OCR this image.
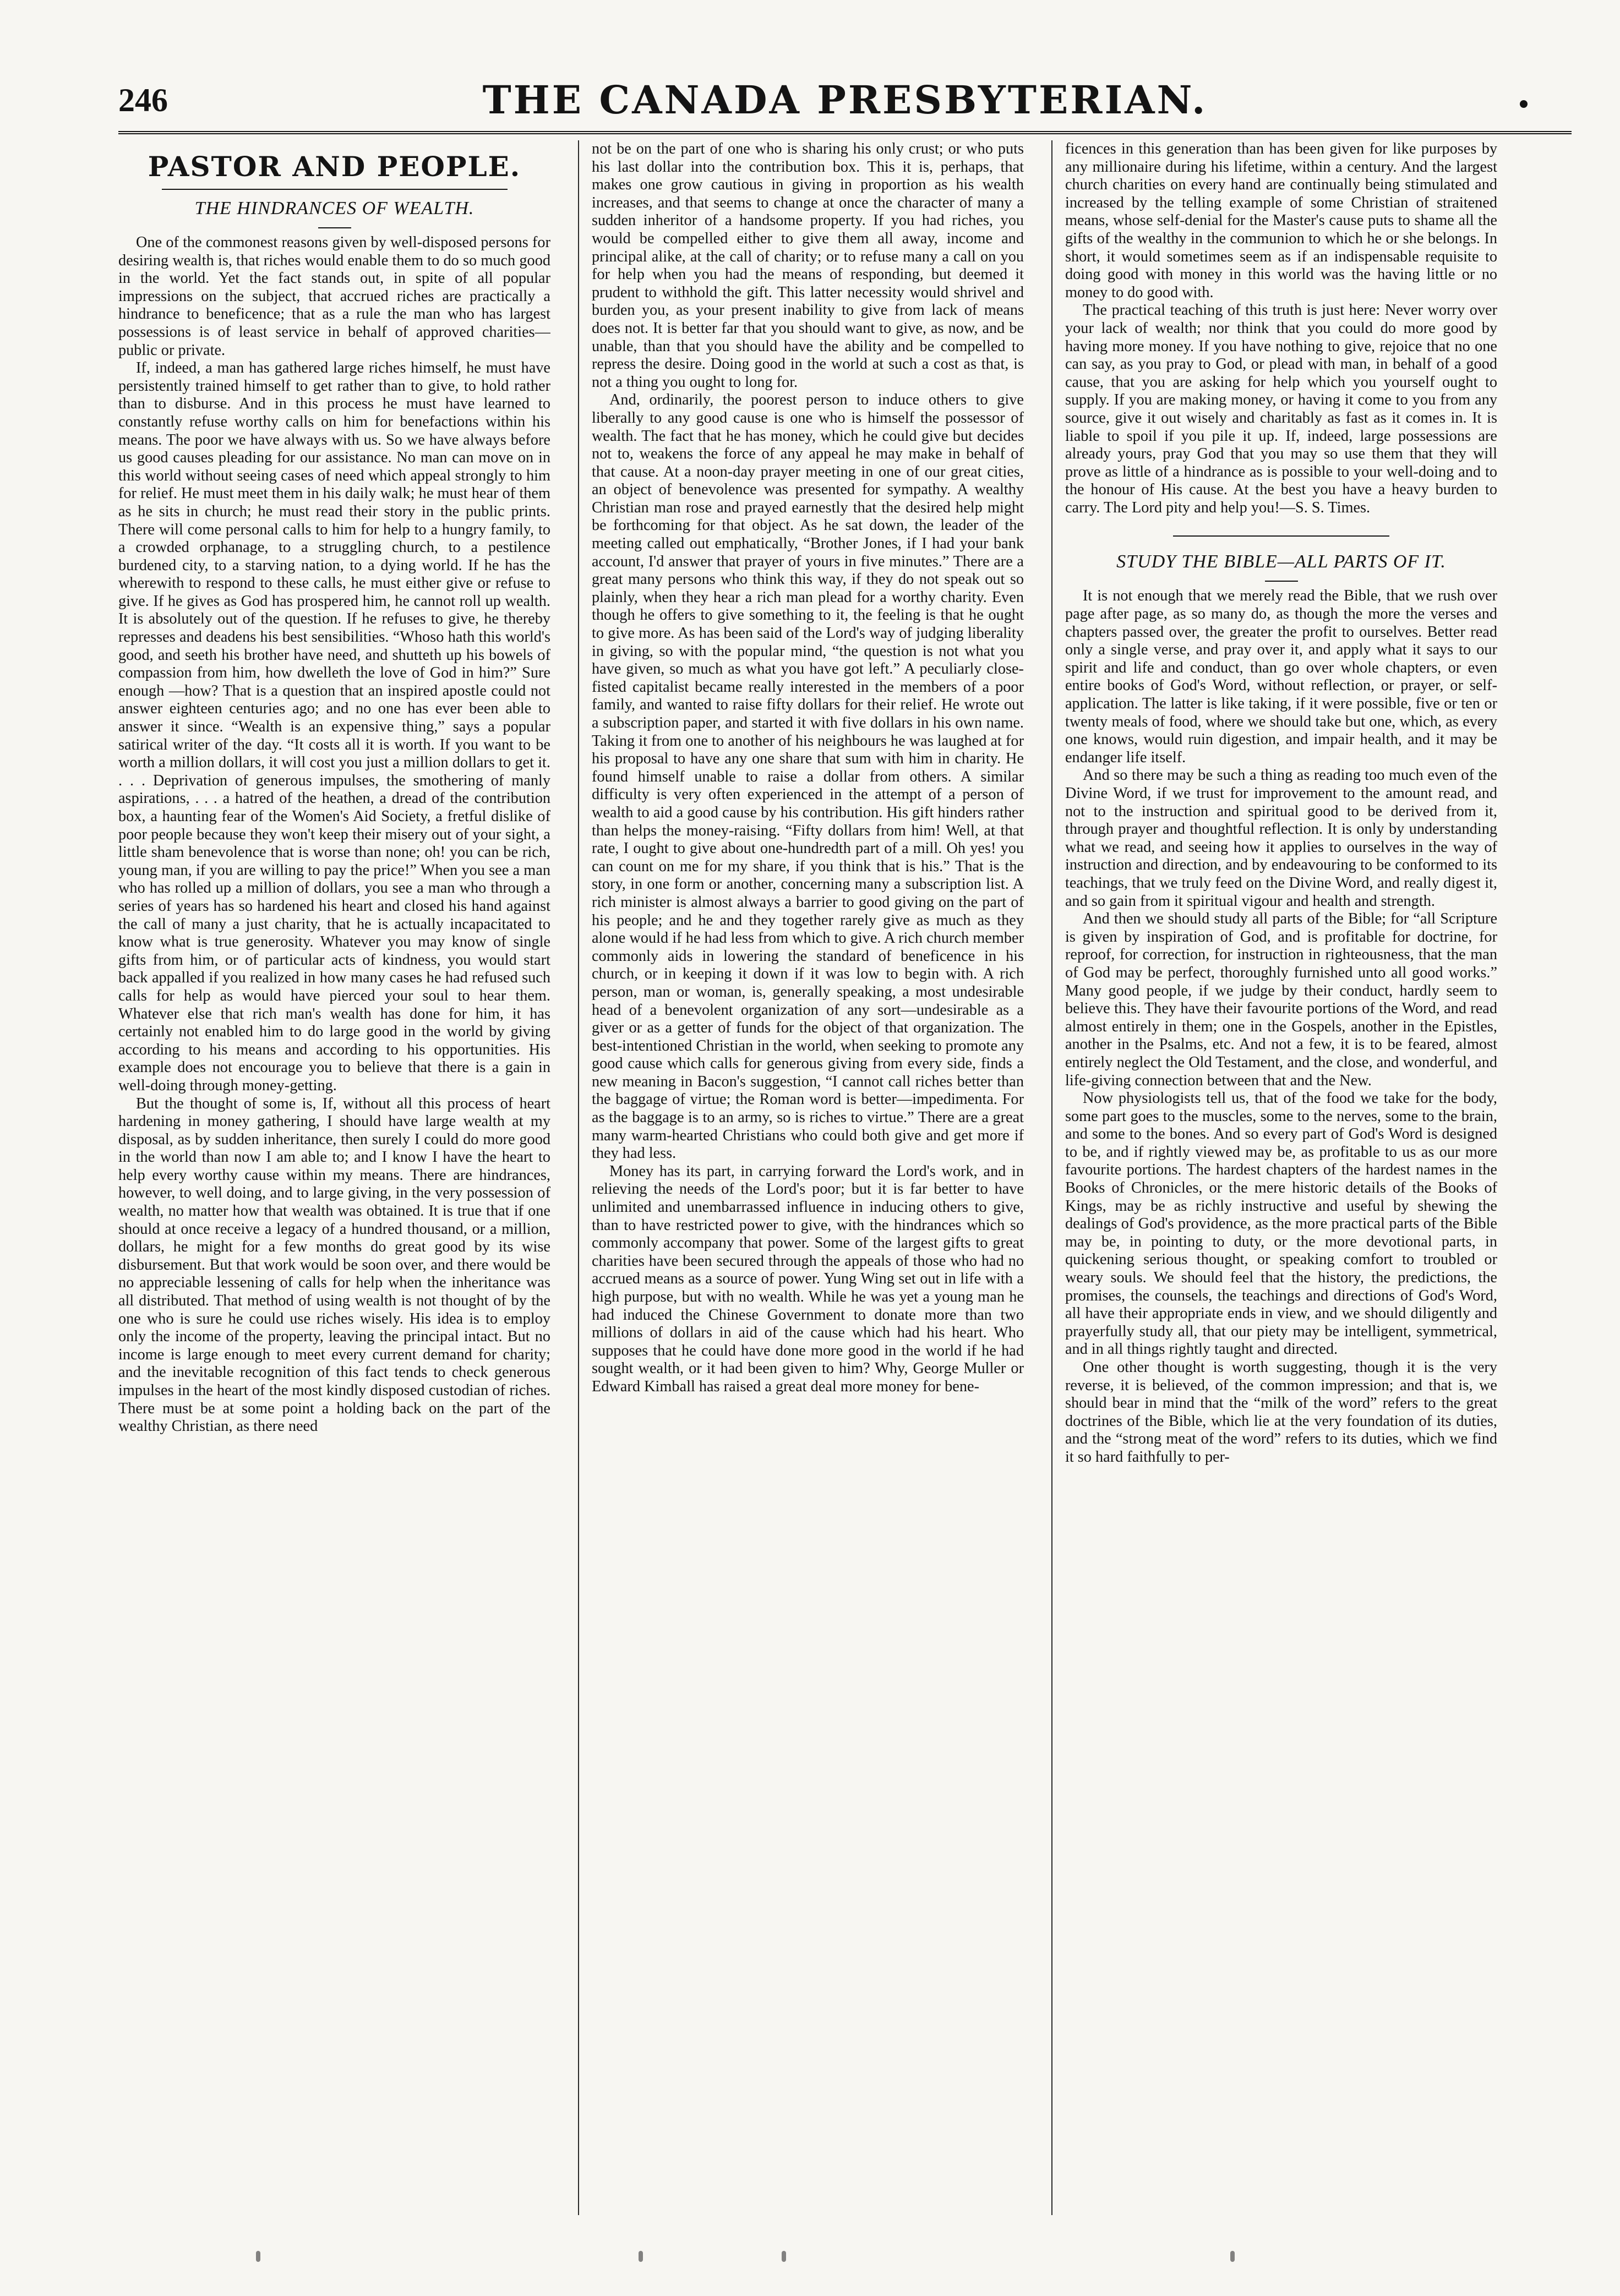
246	THE CANADA PRESBYTERIAN.
PASTOR AND PEOPLE.
THE HINDRANCES OF WEALTH.

One of the commonest reasons given by well-disposed persons for desiring wealth is, that riches would enable them to do so much good in the world. Yet the fact stands out, in spite of all popular impressions on the subject, that accrued riches are practically a hindrance to beneficence; that as a rule the man who has largest possessions is of least service in behalf of approved charities—public or private.

If, indeed, a man has gathered large riches himself, he must have persistently trained himself to get rather than to give, to hold rather than to disburse. And in this process he must have learned to constantly refuse worthy calls on him for benefactions within his means. The poor we have always with us. So we have always before us good causes pleading for our assistance. No man can move on in this world without seeing cases of need which appeal strongly to him for relief. He must meet them in his daily walk; he must hear of them as he sits in church; he must read their story in the public prints. There will come personal calls to him for help to a hungry family, to a crowded orphanage, to a struggling church, to a pestilence burdened city, to a starving nation, to a dying world. If he has the wherewith to respond to these calls, he must either give or refuse to give. If he gives as God has prospered him, he cannot roll up wealth. It is absolutely out of the question. If he refuses to give, he thereby represses and deadens his best sensibilities. “Whoso hath this world's good, and seeth his brother have need, and shutteth up his bowels of compassion from him, how dwelleth the love of God in him?” Sure enough —how? That is a question that an inspired apostle could not answer eighteen centuries ago; and no one has ever been able to answer it since. “Wealth is an expensive thing,” says a popular satirical writer of the day. “It costs all it is worth. If you want to be worth a million dollars, it will cost you just a million dollars to get it. . . . Deprivation of generous impulses, the smothering of manly aspirations, . . . a hatred of the heathen, a dread of the contribution box, a haunting fear of the Women's Aid Society, a fretful dislike of poor people because they won't keep their misery out of your sight, a little sham benevolence that is worse than none; oh! you can be rich, young man, if you are willing to pay the price!” When you see a man who has rolled up a million of dollars, you see a man who through a series of years has so hardened his heart and closed his hand against the call of many a just charity, that he is actually incapacitated to know what is true generosity. Whatever you may know of single gifts from him, or of particular acts of kindness, you would start back appalled if you realized in how many cases he had refused such calls for help as would have pierced your soul to hear them. Whatever else that rich man's wealth has done for him, it has certainly not enabled him to do large good in the world by giving according to his means and according to his opportunities. His example does not encourage you to believe that there is a gain in well-doing through money-getting.

But the thought of some is, If, without all this process of heart hardening in money gathering, I should have large wealth at my disposal, as by sudden inheritance, then surely I could do more good in the world than now I am able to; and I know I have the heart to help every worthy cause within my means. There are hindrances, however, to well doing, and to large giving, in the very possession of wealth, no matter how that wealth was obtained. It is true that if one should at once receive a legacy of a hundred thousand, or a million, dollars, he might for a few months do great good by its wise disbursement. But that work would be soon over, and there would be no appreciable lessening of calls for help when the inheritance was all distributed. That method of using wealth is not thought of by the one who is sure he could use riches wisely. His idea is to employ only the income of the property, leaving the principal intact. But no income is large enough to meet every current demand for charity; and the inevitable recognition of this fact tends to check generous impulses in the heart of the most kindly disposed custodian of riches. There must be at some point a holding back on the part of the wealthy Christian, as there need

not be on the part of one who is sharing his only crust; or who puts his last dollar into the contribution box. This it is, perhaps, that makes one grow cautious in giving in proportion as his wealth increases, and that seems to change at once the character of many a sudden inheritor of a handsome property. If you had riches, you would be compelled either to give them all away, income and principal alike, at the call of charity; or to refuse many a call on you for help when you had the means of responding, but deemed it prudent to withhold the gift. This latter necessity would shrivel and burden you, as your present inability to give from lack of means does not. It is better far that you should want to give, as now, and be unable, than that you should have the ability and be compelled to repress the desire. Doing good in the world at such a cost as that, is not a thing you ought to long for.

And, ordinarily, the poorest person to induce others to give liberally to any good cause is one who is himself the possessor of wealth. The fact that he has money, which he could give but decides not to, weakens the force of any appeal he may make in behalf of that cause. At a noon-day prayer meeting in one of our great cities, an object of benevolence was presented for sympathy. A wealthy Christian man rose and prayed earnestly that the desired help might be forthcoming for that object. As he sat down, the leader of the meeting called out emphatically, “Brother Jones, if I had your bank account, I'd answer that prayer of yours in five minutes.” There are a great many persons who think this way, if they do not speak out so plainly, when they hear a rich man plead for a worthy charity. Even though he offers to give something to it, the feeling is that he ought to give more. As has been said of the Lord's way of judging liberality in giving, so with the popular mind, “the question is not what you have given, so much as what you have got left.” A peculiarly close-fisted capitalist became really interested in the members of a poor family, and wanted to raise fifty dollars for their relief. He wrote out a subscription paper, and started it with five dollars in his own name. Taking it from one to another of his neighbours he was laughed at for his proposal to have any one share that sum with him in charity. He found himself unable to raise a dollar from others. A similar difficulty is very often experienced in the attempt of a person of wealth to aid a good cause by his contribution. His gift hinders rather than helps the money-raising. “Fifty dollars from him! Well, at that rate, I ought to give about one-hundredth part of a mill. Oh yes! you can count on me for my share, if you think that is his.” That is the story, in one form or another, concerning many a subscription list. A rich minister is almost always a barrier to good giving on the part of his people; and he and they together rarely give as much as they alone would if he had less from which to give. A rich church member commonly aids in lowering the standard of beneficence in his church, or in keeping it down if it was low to begin with. A rich person, man or woman, is, generally speaking, a most undesirable head of a benevolent organization of any sort—undesirable as a giver or as a getter of funds for the object of that organization. The best-intentioned Christian in the world, when seeking to promote any good cause which calls for generous giving from every side, finds a new meaning in Bacon's suggestion, “I cannot call riches better than the baggage of virtue; the Roman word is better—impedimenta. For as the baggage is to an army, so is riches to virtue.” There are a great many warm-hearted Christians who could both give and get more if they had less.

Money has its part, in carrying forward the Lord's work, and in relieving the needs of the Lord's poor; but it is far better to have unlimited and unembarrassed influence in inducing others to give, than to have restricted power to give, with the hindrances which so commonly accompany that power. Some of the largest gifts to great charities have been secured through the appeals of those who had no accrued means as a source of power. Yung Wing set out in life with a high purpose, but with no wealth. While he was yet a young man he had induced the Chinese Government to donate more than two millions of dollars in aid of the cause which had his heart. Who supposes that he could have done more good in the world if he had sought wealth, or it had been given to him? Why, George Muller or Edward Kimball has raised a great deal more money for bene-

ficences in this generation than has been given for like purposes by any millionaire during his lifetime, within a century. And the largest church charities on every hand are continually being stimulated and increased by the telling example of some Christian of straitened means, whose self-denial for the Master's cause puts to shame all the gifts of the wealthy in the communion to which he or she belongs. In short, it would sometimes seem as if an indispensable requisite to doing good with money in this world was the having little or no money to do good with.

The practical teaching of this truth is just here: Never worry over your lack of wealth; nor think that you could do more good by having more money. If you have nothing to give, rejoice that no one can say, as you pray to God, or plead with man, in behalf of a good cause, that you are asking for help which you yourself ought to supply. If you are making money, or having it come to you from any source, give it out wisely and charitably as fast as it comes in. It is liable to spoil if you pile it up. If, indeed, large possessions are already yours, pray God that you may so use them that they will prove as little of a hindrance as is possible to your well-doing and to the honour of His cause. At the best you have a heavy burden to carry. The Lord pity and help you!—S. S. Times.

STUDY THE BIBLE—ALL PARTS OF IT.

It is not enough that we merely read the Bible, that we rush over page after page, as so many do, as though the more the verses and chapters passed over, the greater the profit to ourselves. Better read only a single verse, and pray over it, and apply what it says to our spirit and life and conduct, than go over whole chapters, or even entire books of God's Word, without reflection, or prayer, or self-application. The latter is like taking, if it were possible, five or ten or twenty meals of food, where we should take but one, which, as every one knows, would ruin digestion, and impair health, and it may be endanger life itself.

And so there may be such a thing as reading too much even of the Divine Word, if we trust for improvement to the amount read, and not to the instruction and spiritual good to be derived from it, through prayer and thoughtful reflection. It is only by understanding what we read, and seeing how it applies to ourselves in the way of instruction and direction, and by endeavouring to be conformed to its teachings, that we truly feed on the Divine Word, and really digest it, and so gain from it spiritual vigour and health and strength.

And then we should study all parts of the Bible; for “all Scripture is given by inspiration of God, and is profitable for doctrine, for reproof, for correction, for instruction in righteousness, that the man of God may be perfect, thoroughly furnished unto all good works.” Many good people, if we judge by their conduct, hardly seem to believe this. They have their favourite portions of the Word, and read almost entirely in them; one in the Gospels, another in the Epistles, another in the Psalms, etc. And not a few, it is to be feared, almost entirely neglect the Old Testament, and the close, and wonderful, and life-giving connection between that and the New.

Now physiologists tell us, that of the food we take for the body, some part goes to the muscles, some to the nerves, some to the brain, and some to the bones. And so every part of God's Word is designed to be, and if rightly viewed may be, as profitable to us as our more favourite portions. The hardest chapters of the hardest names in the Books of Chronicles, or the mere historic details of the Books of Kings, may be as richly instructive and useful by shewing the dealings of God's providence, as the more practical parts of the Bible may be, in pointing to duty, or the more devotional parts, in quickening serious thought, or speaking comfort to troubled or weary souls. We should feel that the history, the predictions, the promises, the counsels, the teachings and directions of God's Word, all have their appropriate ends in view, and we should diligently and prayerfully study all, that our piety may be intelligent, symmetrical, and in all things rightly taught and directed.

One other thought is worth suggesting, though it is the very reverse, it is believed, of the common impression; and that is, we should bear in mind that the “milk of the word” refers to the great doctrines of the Bible, which lie at the very foundation of its duties, and the “strong meat of the word” refers to its duties, which we find it so hard faithfully to per-
